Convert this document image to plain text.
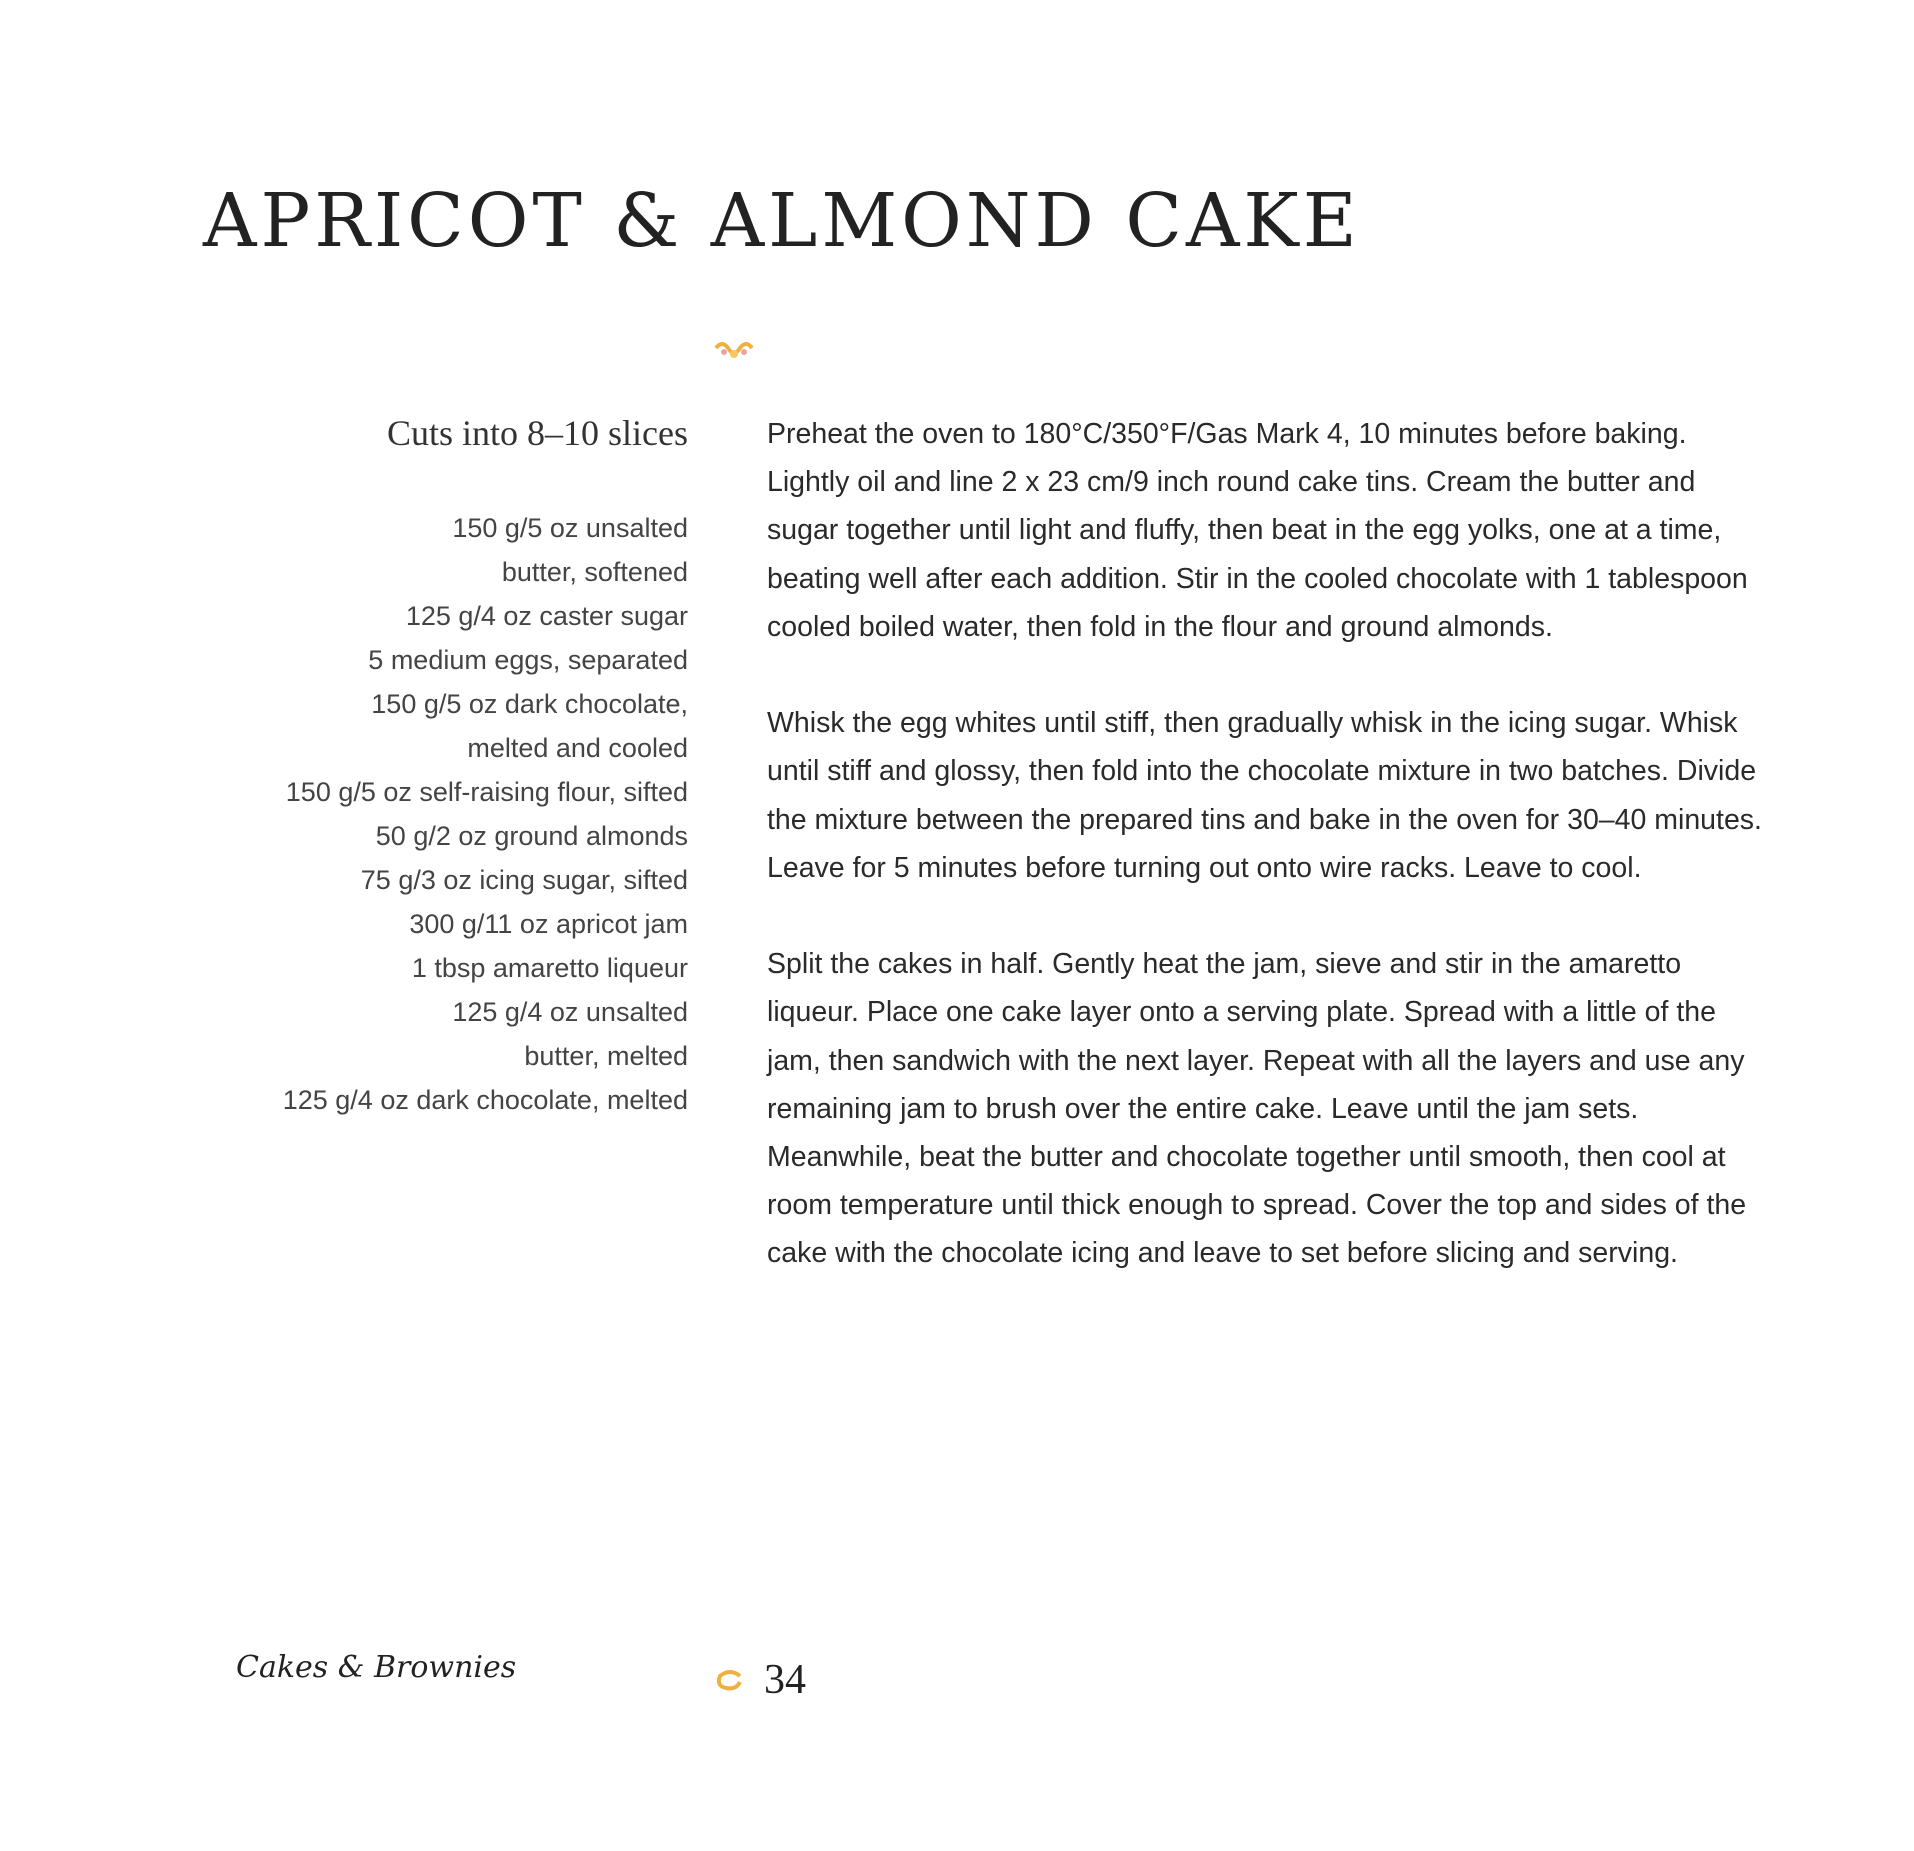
APRICOT & ALMOND CAKE
Cuts into 8–10 slices
150 g/5 oz unsalted
butter, softened
125 g/4 oz caster sugar
5 medium eggs, separated
150 g/5 oz dark chocolate,
melted and cooled
150 g/5 oz self-raising flour, sifted
50 g/2 oz ground almonds
75 g/3 oz icing sugar, sifted
300 g/11 oz apricot jam
1 tbsp amaretto liqueur
125 g/4 oz unsalted
butter, melted
125 g/4 oz dark chocolate, melted

Preheat the oven to 180°C/350°F/Gas Mark 4, 10 minutes before baking. Lightly oil and line 2 x 23 cm/9 inch round cake tins. Cream the butter and sugar together until light and fluffy, then beat in the egg yolks, one at a time, beating well after each addition. Stir in the cooled chocolate with 1 tablespoon cooled boiled water, then fold in the flour and ground almonds.

Whisk the egg whites until stiff, then gradually whisk in the icing sugar. Whisk until stiff and glossy, then fold into the chocolate mixture in two batches. Divide the mixture between the prepared tins and bake in the oven for 30–40 minutes. Leave for 5 minutes before turning out onto wire racks. Leave to cool.

Split the cakes in half. Gently heat the jam, sieve and stir in the amaretto liqueur. Place one cake layer onto a serving plate. Spread with a little of the jam, then sandwich with the next layer. Repeat with all the layers and use any remaining jam to brush over the entire cake. Leave until the jam sets. Meanwhile, beat the butter and chocolate together until smooth, then cool at room temperature until thick enough to spread. Cover the top and sides of the cake with the chocolate icing and leave to set before slicing and serving.

Cakes & Brownies	34
